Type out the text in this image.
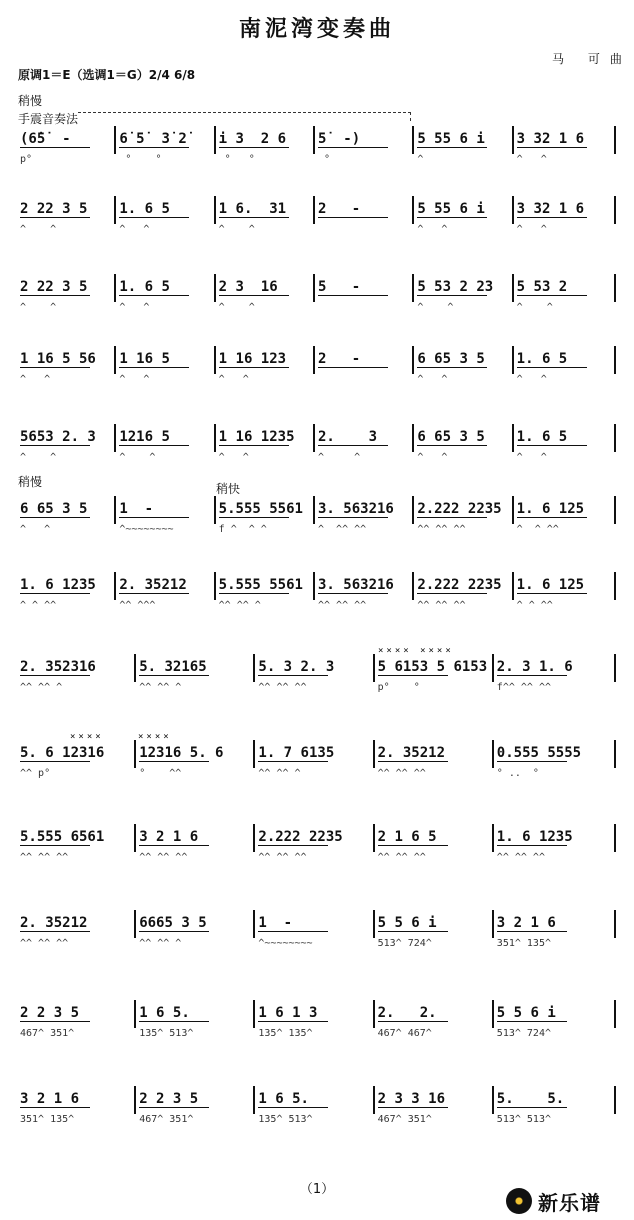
南泥湾变奏曲
马 可曲
原调1＝E（选调1＝G）2/4 6/8
稍慢
手震音奏法
(6̇5̇  -
p°
6̇ 5̇  3̇ 2̇
°    °
i 3  2 6
°   °
5̇  -)
°
5 55 6 i
^
3 32 1 6
^   ^
2 22 3 5
^    ^
1. 6 5
^   ^
1 6.  31
^    ^
2   -	5 55 6 i
^   ^
3 32 1 6
^   ^
2 22 3 5
^    ^
1. 6 5
^   ^
2 3  16
^    ^
5   -	5 53 2 23
^    ^
5 53 2
^    ^
1 16 5 56
^   ^
1 16 5
^   ^
1 16 123
^   ^
2   -	6 65 3 5
^   ^
1. 6 5
^   ^
5653 2. 3
^    ^
1216 5
^    ^
1 16 1235
^   ^
2.    3
^     ^
6 65 3 5
^   ^
1. 6 5
^   ^
6 65 3 5
^   ^
1  -
^~~~~~~~~
5.555 5561
f ^  ^ ^
3. 563216
^  ^^ ^^
2.222 2235
^^ ^^ ^^
1. 6 125
^  ^ ^^
1. 6 1235
^ ^ ^^
2. 35212
^^ ^^^
5.555 5561
^^ ^^ ^
3. 563216
^^ ^^ ^^
2.222 2235
^^ ^^ ^^
1. 6 125
^ ^ ^^
2. 352316
^^ ^^ ^
5. 32165
^^ ^^ ^
5. 3 2. 3
^^ ^^ ^^
5 6153 5 6153
p°    °
2. 3 1. 6
f^^ ^^ ^^
×××× ××××
5. 6 12316
^^ p°
12316 5. 6
°    ^^
1. 7 6135
^^ ^^ ^
2. 35212
^^ ^^ ^^
0.555 5555
° ..  °
××××	××××
5.555 6561
^^ ^^ ^^
3 2 1 6
^^ ^^ ^^
2.222 2235
^^ ^^ ^^
2 1 6 5
^^ ^^ ^^
1. 6 1235
^^ ^^ ^^
2. 35212
^^ ^^ ^^
6665 3 5
^^ ^^ ^
1  -
^~~~~~~~~
5 5 6 i
513^ 724^
3 2 1 6
351^ 135^
2 2 3 5
467^ 351^
1 6 5.
135^ 513^
1 6 1 3
135^ 135^
2.   2.
467^ 467^
5 5 6 i
513^ 724^
3 2 1 6
351^ 135^
2 2 3 5
467^ 351^
1 6 5.
135^ 513^
2 3 3 16
467^ 351^
5.    5.
513^ 513^
稍慢	稍快
（1）
新乐谱
